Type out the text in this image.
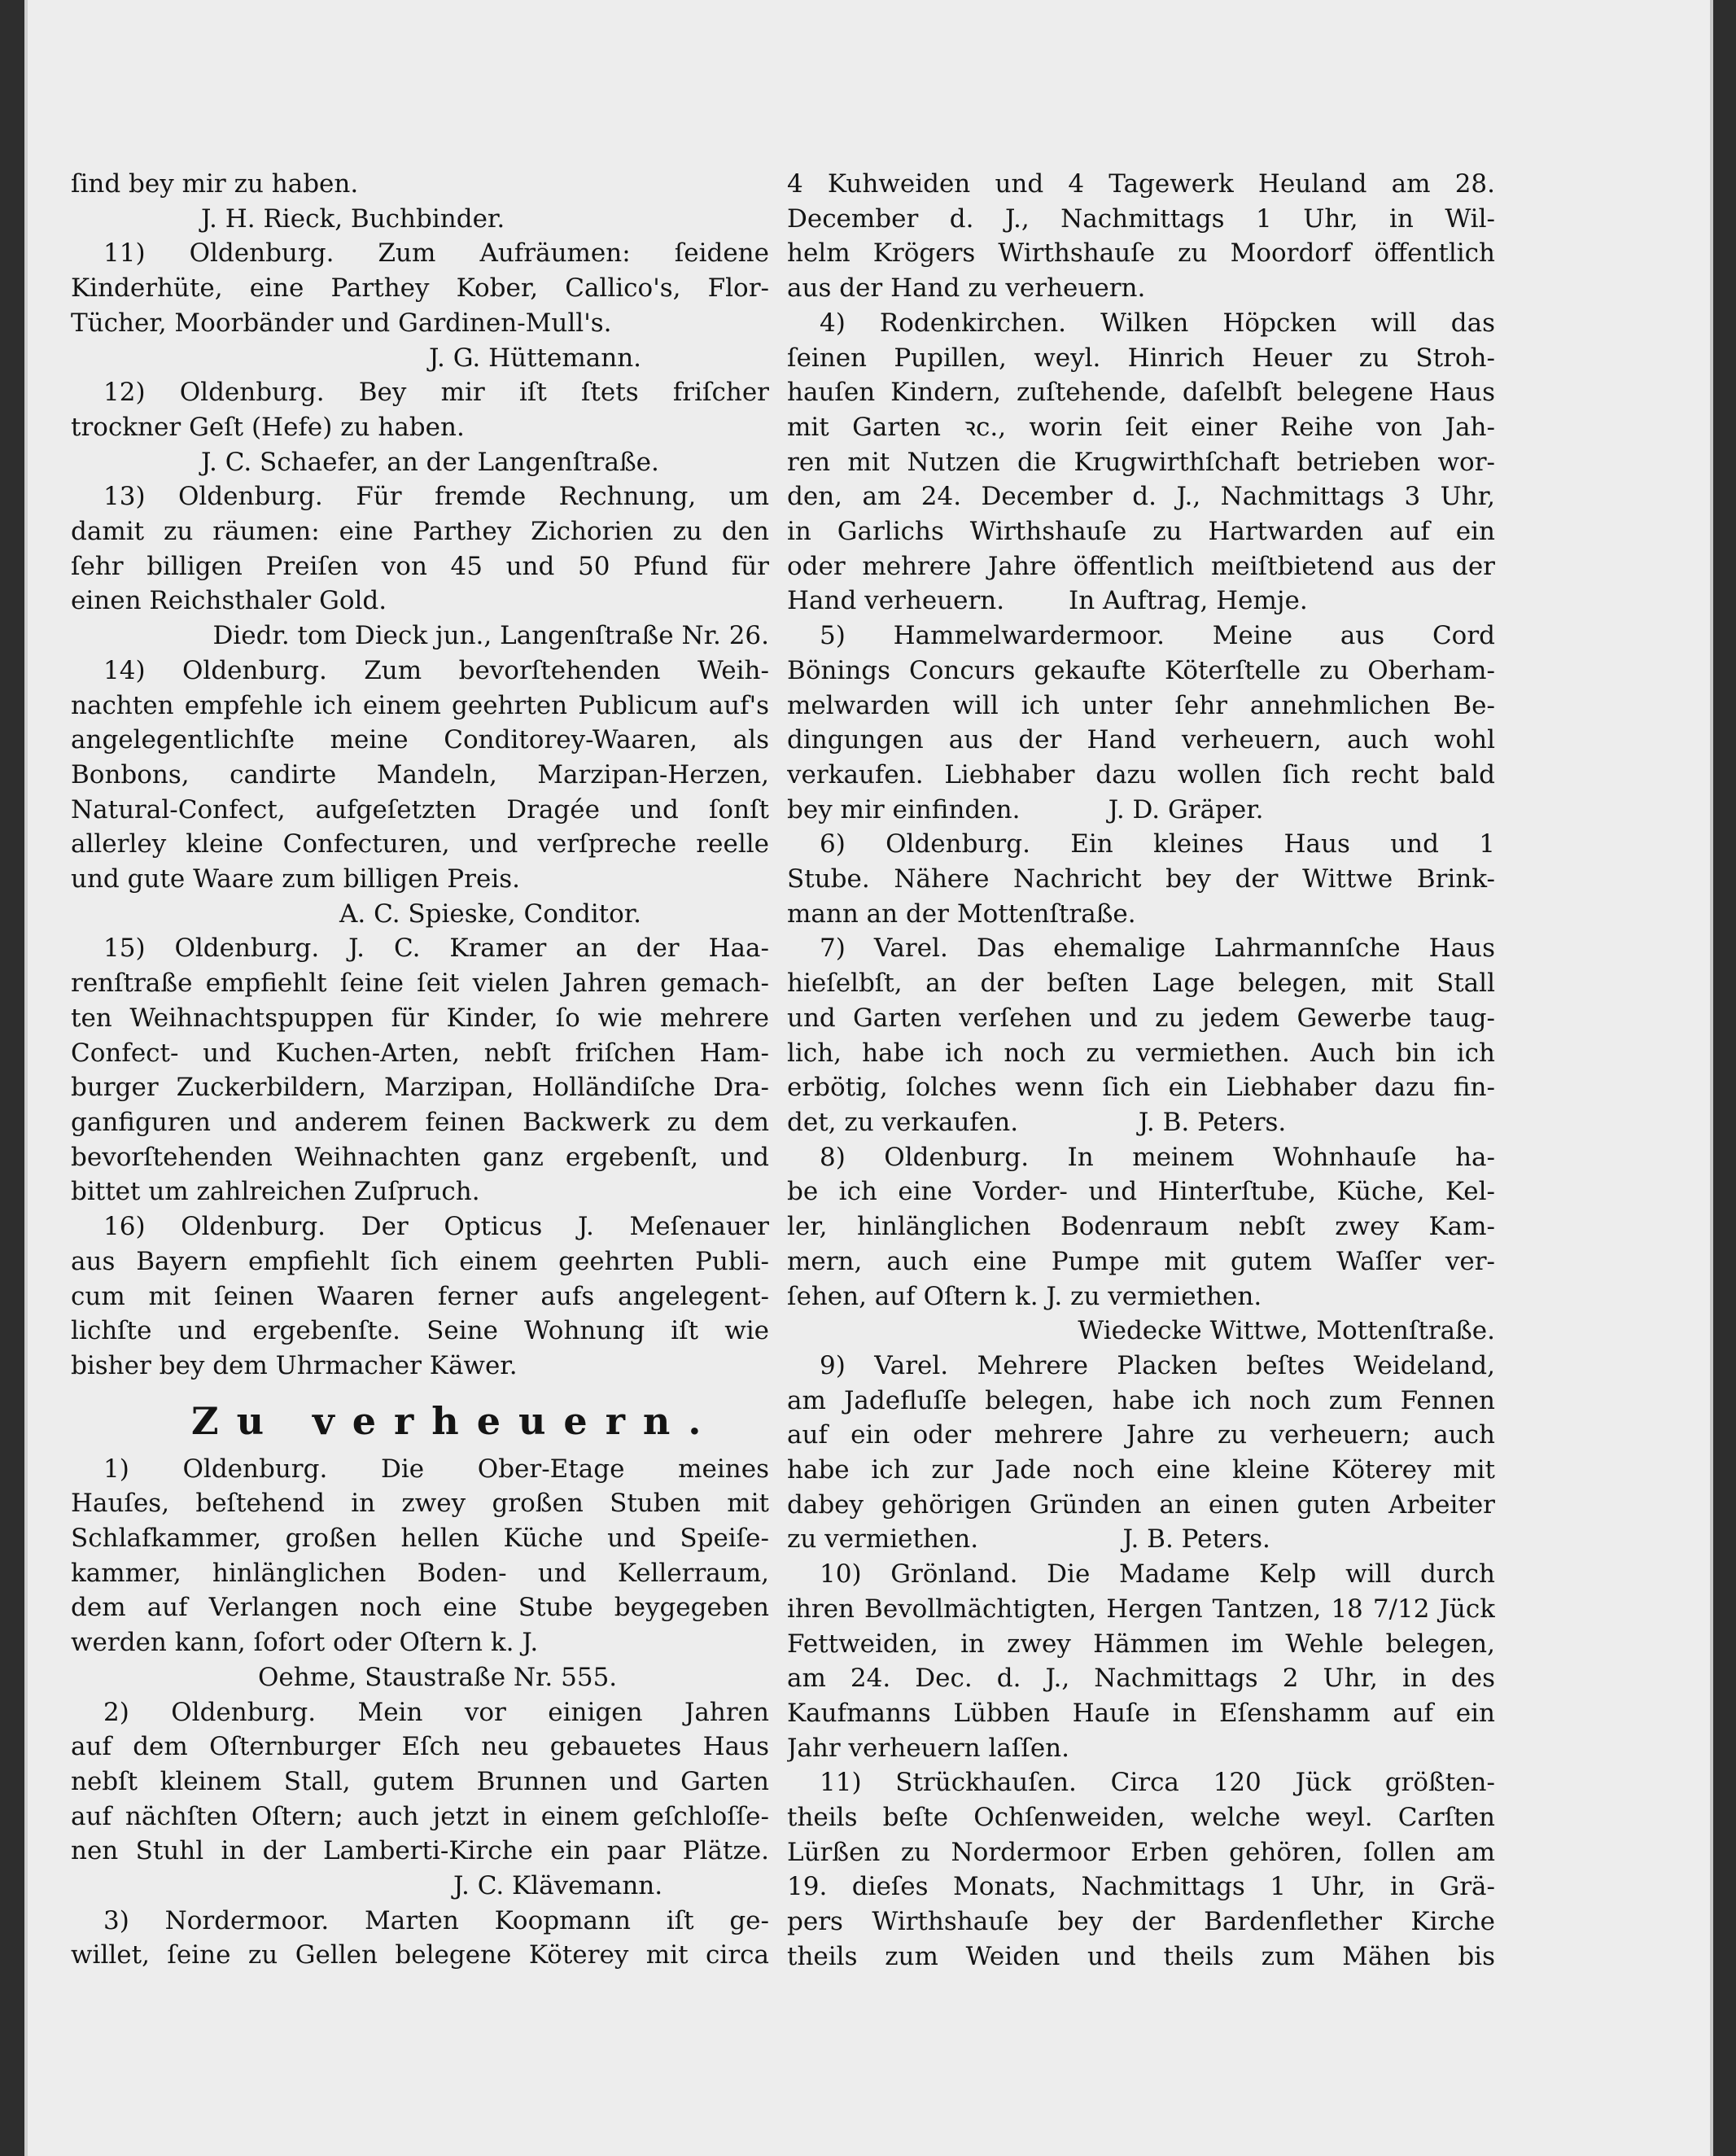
ſind bey mir zu haben.
J. H. Rieck, Buchbinder.
11) Oldenburg. Zum Aufräumen: ſeidene
Kinderhüte, eine Parthey Kober, Callico's, Flor-
Tücher, Moorbänder und Gardinen-Mull's.
J. G. Hüttemann.
12) Oldenburg. Bey mir iſt ſtets friſcher
trockner Geſt (Hefe) zu haben.
J. C. Schaefer, an der Langenſtraße.
13) Oldenburg. Für fremde Rechnung, um
damit zu räumen: eine Parthey Zichorien zu den
ſehr billigen Preiſen von 45 und 50 Pfund für
einen Reichsthaler Gold.
Diedr. tom Dieck jun., Langenſtraße Nr. 26.
14) Oldenburg. Zum bevorſtehenden Weih-
nachten empfehle ich einem geehrten Publicum auf's
angelegentlichſte meine Conditorey-Waaren, als
Bonbons, candirte Mandeln, Marzipan-Herzen,
Natural-Confect, aufgeſetzten Dragée und ſonſt
allerley kleine Confecturen, und verſpreche reelle
und gute Waare zum billigen Preis.
A. C. Spieske, Conditor.
15) Oldenburg. J. C. Kramer an der Haa-
renſtraße empfiehlt ſeine ſeit vielen Jahren gemach-
ten Weihnachtspuppen für Kinder, ſo wie mehrere
Confect- und Kuchen-Arten, nebſt friſchen Ham-
burger Zuckerbildern, Marzipan, Holländiſche Dra-
ganfiguren und anderem feinen Backwerk zu dem
bevorſtehenden Weihnachten ganz ergebenſt, und
bittet um zahlreichen Zuſpruch.
16) Oldenburg. Der Opticus J. Meſenauer
aus Bayern empfiehlt ſich einem geehrten Publi-
cum mit ſeinen Waaren ferner aufs angelegent-
lichſte und ergebenſte. Seine Wohnung iſt wie
bisher bey dem Uhrmacher Käwer.
Zu verheuern.
1) Oldenburg. Die Ober-Etage meines
Hauſes, beſtehend in zwey großen Stuben mit
Schlafkammer, großen hellen Küche und Speiſe-
kammer, hinlänglichen Boden- und Kellerraum,
dem auf Verlangen noch eine Stube beygegeben
werden kann, ſofort oder Oſtern k. J.
Oehme, Staustraße Nr. 555.
2) Oldenburg. Mein vor einigen Jahren
auf dem Oſternburger Eſch neu gebauetes Haus
nebſt kleinem Stall, gutem Brunnen und Garten
auf nächſten Oſtern; auch jetzt in einem geſchloſſe-
nen Stuhl in der Lamberti-Kirche ein paar Plätze.
J. C. Klävemann.
3) Nordermoor. Marten Koopmann iſt ge-
willet, ſeine zu Gellen belegene Köterey mit circa
4 Kuhweiden und 4 Tagewerk Heuland am 28.
December d. J., Nachmittags 1 Uhr, in Wil-
helm Krögers Wirthshauſe zu Moordorf öffentlich
aus der Hand zu verheuern.
4) Rodenkirchen. Wilken Höpcken will das
ſeinen Pupillen, weyl. Hinrich Heuer zu Stroh-
hauſen Kindern, zuſtehende, daſelbſt belegene Haus
mit Garten ꝛc., worin ſeit einer Reihe von Jah-
ren mit Nutzen die Krugwirthſchaft betrieben wor-
den, am 24. December d. J., Nachmittags 3 Uhr,
in Garlichs Wirthshauſe zu Hartwarden auf ein
oder mehrere Jahre öffentlich meiſtbietend aus der
Hand verheuern.        In Auftrag, Hemje.
5) Hammelwardermoor. Meine aus Cord
Bönings Concurs gekaufte Köterſtelle zu Oberham-
melwarden will ich unter ſehr annehmlichen Be-
dingungen aus der Hand verheuern, auch wohl
verkaufen. Liebhaber dazu wollen ſich recht bald
bey mir einfinden.           J. D. Gräper.
6) Oldenburg. Ein kleines Haus und 1
Stube. Nähere Nachricht bey der Wittwe Brink-
mann an der Mottenſtraße.
7) Varel. Das ehemalige Lahrmannſche Haus
hieſelbſt, an der beſten Lage belegen, mit Stall
und Garten verſehen und zu jedem Gewerbe taug-
lich, habe ich noch zu vermiethen. Auch bin ich
erbötig, ſolches wenn ſich ein Liebhaber dazu fin-
det, zu verkaufen.               J. B. Peters.
8) Oldenburg. In meinem Wohnhauſe ha-
be ich eine Vorder- und Hinterſtube, Küche, Kel-
ler, hinlänglichen Bodenraum nebſt zwey Kam-
mern, auch eine Pumpe mit gutem Waſſer ver-
ſehen, auf Oſtern k. J. zu vermiethen.
Wiedecke Wittwe, Mottenſtraße.
9) Varel. Mehrere Placken beſtes Weideland,
am Jadefluſſe belegen, habe ich noch zum Fennen
auf ein oder mehrere Jahre zu verheuern; auch
habe ich zur Jade noch eine kleine Köterey mit
dabey gehörigen Gründen an einen guten Arbeiter
zu vermiethen.                  J. B. Peters.
10) Grönland. Die Madame Kelp will durch
ihren Bevollmächtigten, Hergen Tantzen, 18 7/12 Jück
Fettweiden, in zwey Hämmen im Wehle belegen,
am 24. Dec. d. J., Nachmittags 2 Uhr, in des
Kaufmanns Lübben Hauſe in Eſenshamm auf ein
Jahr verheuern laſſen.
11) Strückhauſen. Circa 120 Jück größten-
theils beſte Ochſenweiden, welche weyl. Carſten
Lürßen zu Nordermoor Erben gehören, ſollen am
19. dieſes Monats, Nachmittags 1 Uhr, in Grä-
pers Wirthshauſe bey der Bardenflether Kirche
theils zum Weiden und theils zum Mähen bis
